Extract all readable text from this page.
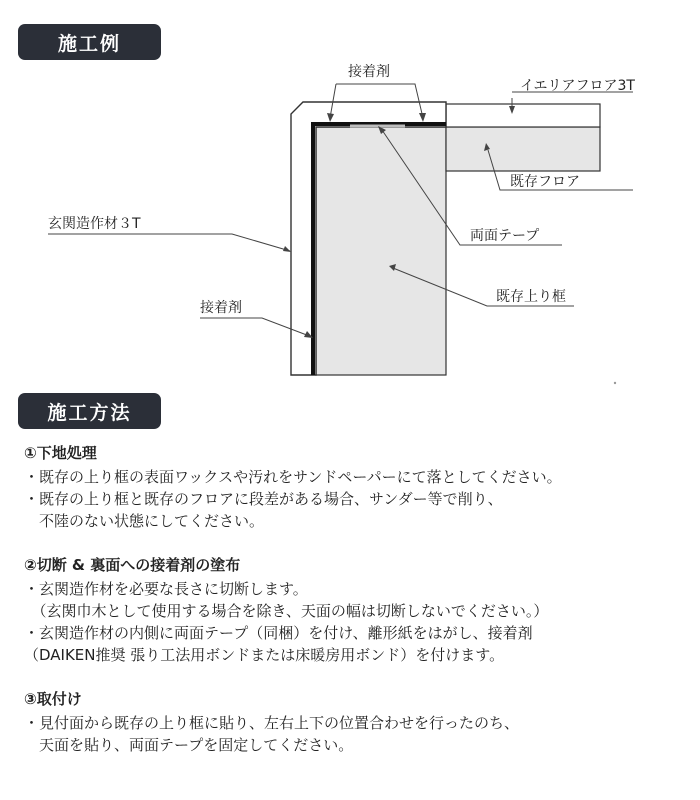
施工例
接着剤
イエリアフロア3T
既存フロア
玄関造作材３T
両面テープ
既存上り框
接着剤
施工方法
①下地処理
・既存の上り框の表面ワックスや汚れをサンドペーパーにて落としてください。
・既存の上り框と既存のフロアに段差がある場合、サンダー等で削り、
　不陸のない状態にしてください。
②切断 & 裏面への接着剤の塗布
・玄関造作材を必要な長さに切断します。
　（玄関巾木として使用する場合を除き、天面の幅は切断しないでください。）
・玄関造作材の内側に両面テープ（同梱）を付け、離形紙をはがし、接着剤
（DAIKEN推奨 張り工法用ボンドまたは床暖房用ボンド）を付けます。
③取付け
・見付面から既存の上り框に貼り、左右上下の位置合わせを行ったのち、
　天面を貼り、両面テープを固定してください。
